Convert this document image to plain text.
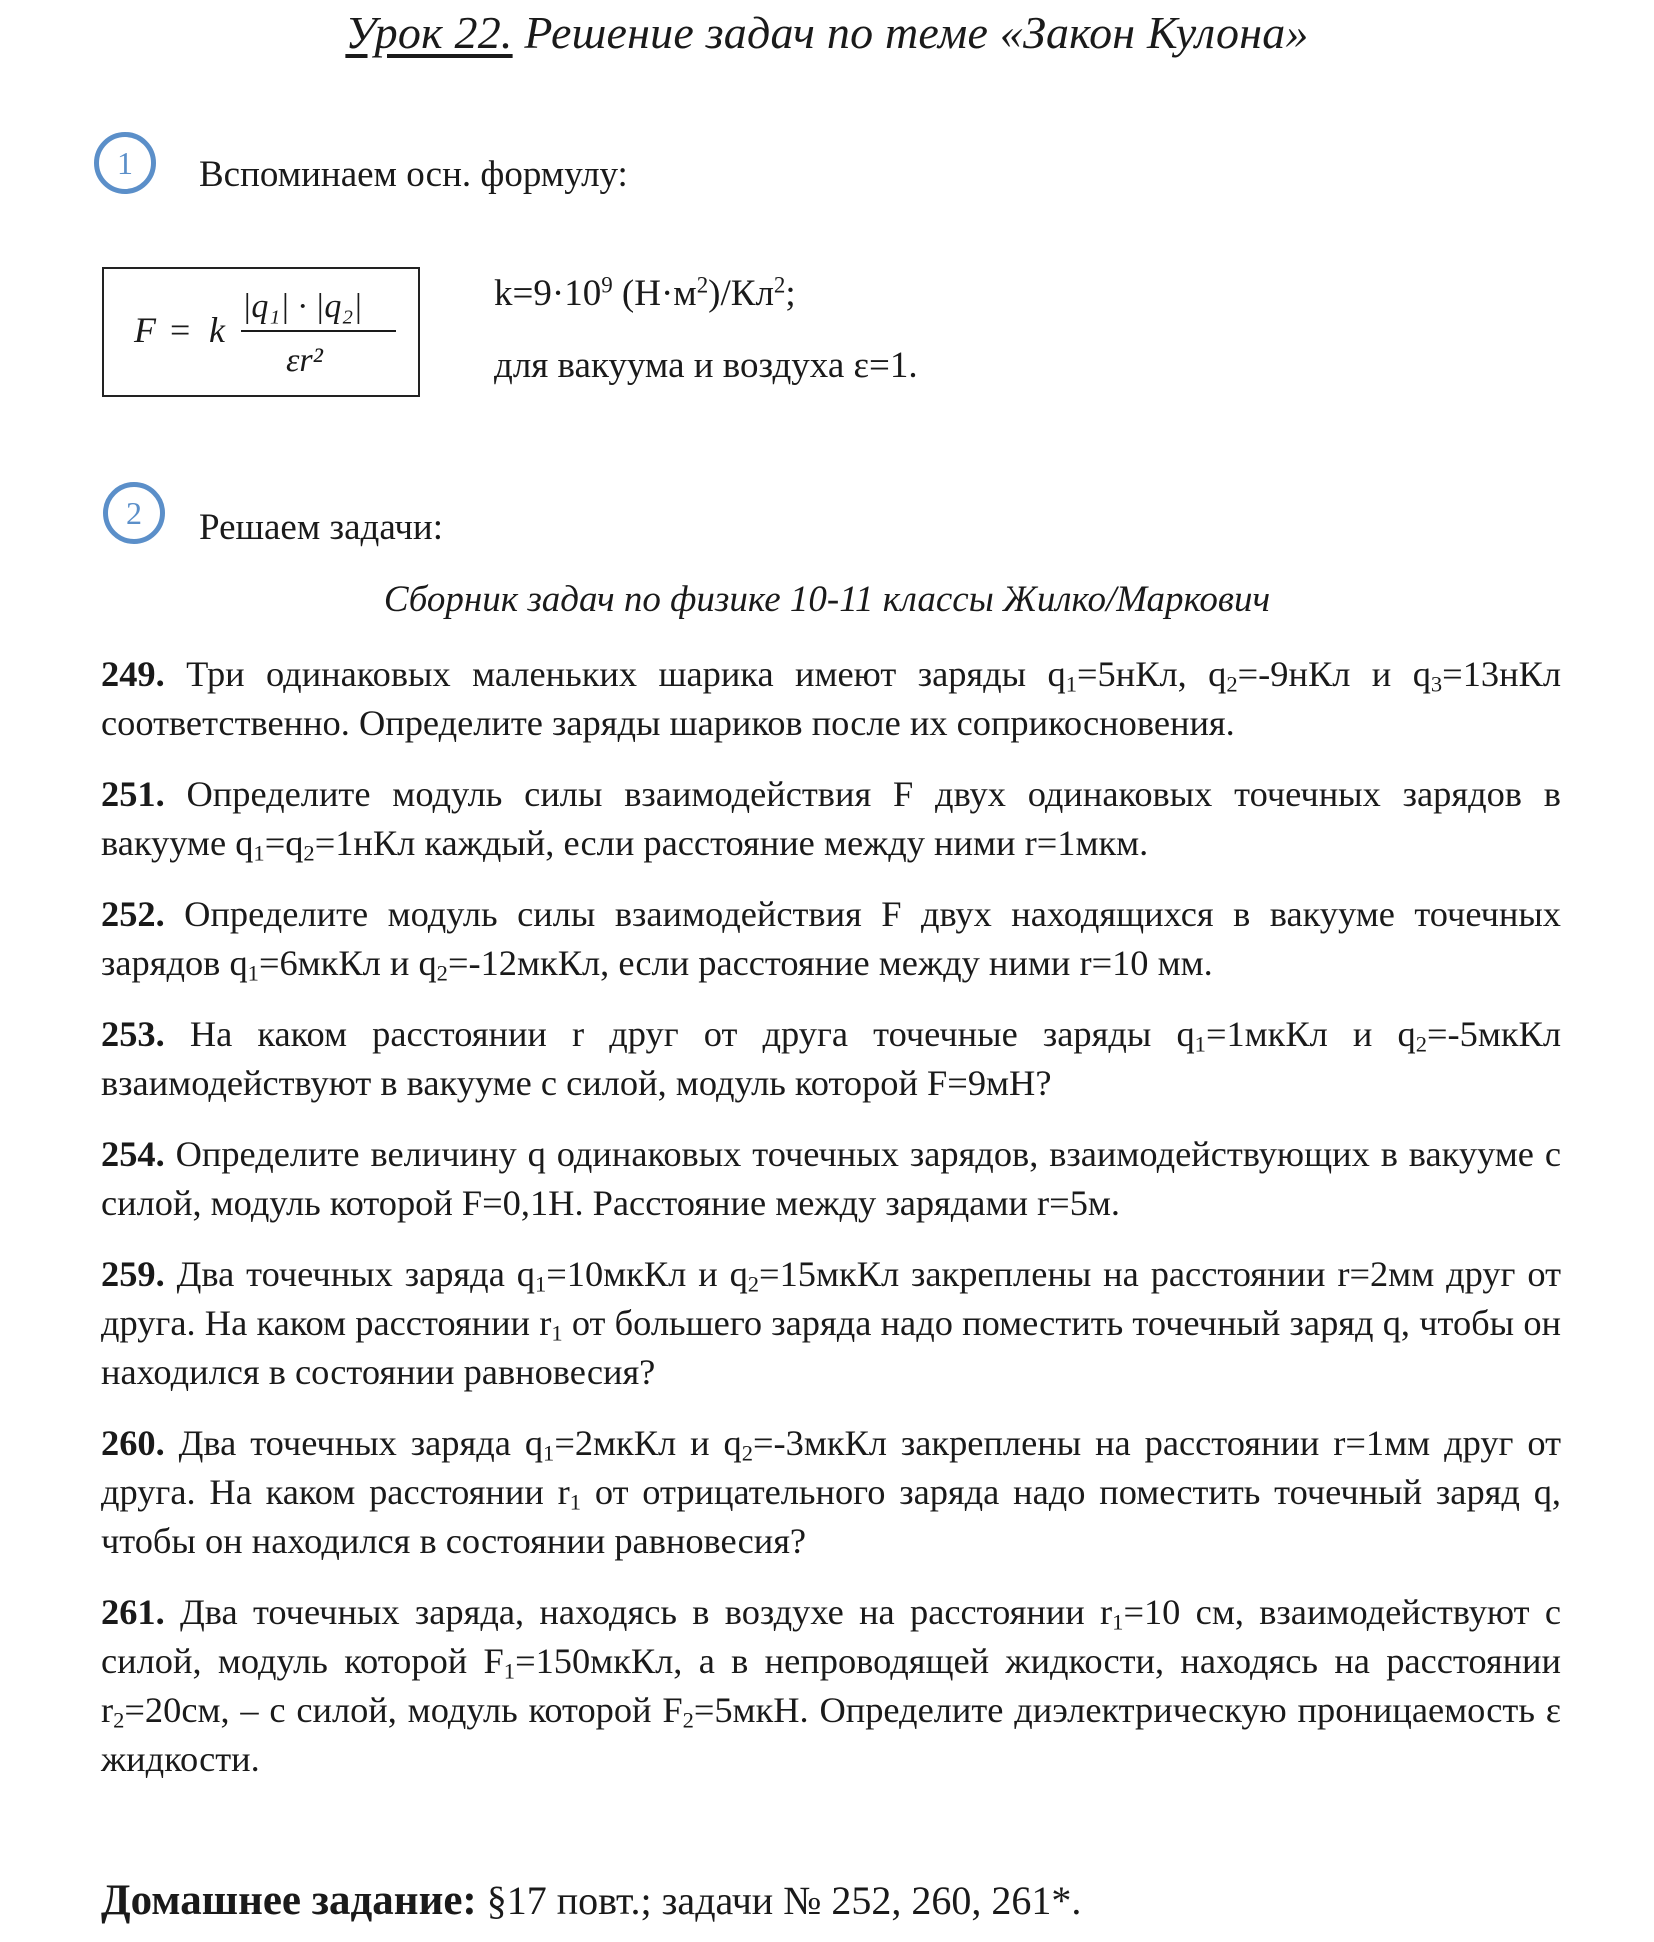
Урок 22. Решение задач по теме «Закон Кулона»
1	Вспоминаем осн. формулу:
F = k
|q₁| · |q₂|
εr²
$k=9\cdot 10^9$ $(Н\cdot м^2)/Кл^2$;
для вакуума и воздуха ε=1.
2	Решаем задачи:
Сборник задач по физике 10-11 классы Жилко/Маркович
249. Три одинаковых маленьких шарика имеют заряды $q_1=5нКл$, $q_2=-9нКл$ и $q_3=13нКл$ соответственно. Определите заряды шариков после их соприкосновения.
251. Определите модуль силы взаимодействия F двух одинаковых точечных зарядов в вакууме $q_1=q_2=1нКл$ каждый, если расстояние между ними r=1мкм.
252. Определите модуль силы взаимодействия F двух находящихся в вакууме точечных зарядов $q_1=6мкКл$ и $q_2=-12мкКл$, если расстояние между ними r=10 мм.
253. На каком расстоянии r друг от друга точечные заряды $q_1=1мкКл$ и $q_2=-5мкКл$ взаимодействуют в вакууме с силой, модуль которой F=9мН?
254. Определите величину q одинаковых точечных зарядов, взаимодействующих в вакууме с силой, модуль которой F=0,1Н. Расстояние между зарядами r=5м.
259. Два точечных заряда $q_1=10мкКл$ и $q_2=15мкКл$ закреплены на расстоянии r=2мм друг от друга. На каком расстоянии $r_1$ от большего заряда надо поместить точечный заряд q, чтобы он находился в состоянии равновесия?
260. Два точечных заряда $q_1=2мкКл$ и $q_2=-3мкКл$ закреплены на расстоянии r=1мм друг от друга. На каком расстоянии $r_1$ от отрицательного заряда надо поместить точечный заряд q, чтобы он находился в состоянии равновесия?
261. Два точечных заряда, находясь в воздухе на расстоянии $r_1=10$ см, взаимодействуют с силой, модуль которой $F_1=150мкКл$, а в непроводящей жидкости, находясь на расстоянии $r_2=20см$, – с силой, модуль которой $F_2=5мкН$. Определите диэлектрическую проницаемость ε жидкости.
Домашнее задание: §17 повт.; задачи № 252, 260, 261*.
